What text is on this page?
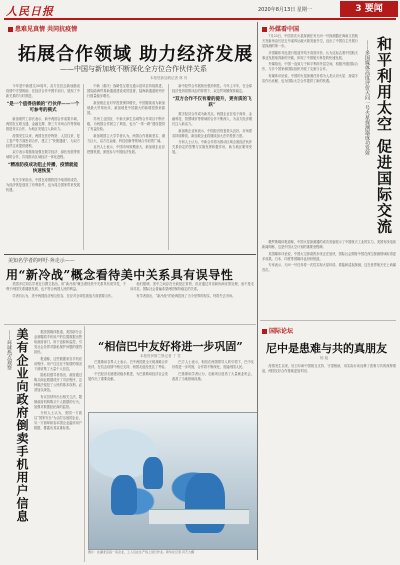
人民日报	2020年8月13日 星期一	3 要闻
患难见真情 共同抗疫情
拓展合作领域 助力经济发展
——中国与新加坡不断深化全方位合作伙伴关系
本报驻新加坡记者 林 芮

今年是中新建交30周年，双方在抗击新冠肺炎疫情中守望相助，在经济合作中携手前行，展现了中新关系的与时俱进。

“是一个值得信赖的”行伙伴——一个可参考的模式

新加坡贸工部长表示，新中两国合作成果丰硕，两国在互联互通、金融支撑、第三方市场合作等领域推进务实合作，为地区发展注入新动力。

疫情发生以来，两国在医疗物资、人员往来、复工复产等方面密切合作，建立了“快捷通道”，为双方经贸往来提供便利。

双方表示将继续加强在数字经济、绿色发展等领域的合作，共同推动区域经济一体化进程。

“精准防疫成功阻止传播，疫情就能快速恢复”

有关专家指出，中国在疫情防控中取得的成效，为经济恢复创造了有利条件，也为周边国家带来发展机遇。

中新（重庆）战略性互联互通示范项目持续推进，国际陆海贸易新通道建设成效显著，陆海新通道班列开行数量稳步增长。

新加坡企业对华投资保持增长，中国继续成为新加坡最大贸易伙伴，新加坡是中国最大的新增投资来源国。

苏州工业园区、中新天津生态城等合作项目不断升级，为两国合作树立了典范，也为“一带一路”建设提供了有益经验。

新加坡国立大学学者认为，两国合作基础坚实、潜力巨大，双方在金融、科技创新等领域合作前景广阔。

业内人士表示，中国市场规模庞大，新加坡企业应把握机遇，深度参与中国经济发展。

新中经贸合作展现出强劲韧性。今年上半年，在全球经济受到疫情冲击的背景下，双边贸易额保持稳定。

“双方合作不仅有着的提升，更有质的飞跃”

数字经济合作成为新亮点。两国企业在电子商务、金融科技、智慧城市等领域的合作不断深入，为双方经济增长注入新活力。

新加坡企业家表示，中国经济恢复势头良好，市场需求持续释放，新加坡企业将继续加大在华投资力度。

分析人士认为，中新合作将为推动区域全面经济伙伴关系协定的签署与实施发挥积极作用，助力地区繁荣发展。

外媒看中国
和平利用太空 促进国际交流
——多国媒体高度评价天问一号火星探测器成功发射

7月23日，中国首次火星探测任务天问一号探测器在海南文昌航天发射场由长征五号遥四运载火箭发射升空，迈出了中国自主开展行星探测的第一步。

多国媒体对此进行报道并给予高度评价，认为这标志着中国航天事业发展取得新的突破，体现了中国航天科技的快速发展。

外媒指出，中国一直致力于和平利用外层空间，积极开展国际合作，与多个国家和国际组织开展了交流与合作。

有媒体评论说，中国的火星探测任务将为人类认识火星、探索宇宙作出贡献，也为国际太空合作提供了新的机遇。

俄罗斯媒体报道称，中国火星探测器的成功发射展示了中国航天工业的实力。美国有线电视新闻网称，这是中国太空计划的重要里程碑。

英国媒体评论说，中国太空探索的步伐正在加快，国际社会期待中国在深空探测领域取得更多成果。日本、印度等国媒体也纷纷报道。

专家表示，天问一号任务将一次性实现火星环绕、着陆和巡视探测，这在世界航天史上尚属首次。

国际论坛
尼中是患难与共的真朋友
杨 旭

疫情发生以来，尼日尔和中国相互支持、守望相助，用实际行动诠释了患难与共的深厚情谊，两国友好合作基础更加牢固。

美知名学者的呼吁·奔走示——
用“新冷战”概念看待美中关系具有误导性

美国多位知名学者近日撰文指出，用“新冷战”概念看待美中关系具有误导性，不利于两国关系健康发展，也不符合两国人民的利益。

学者们认为，美中两国经济相互依存，在应对全球性挑战方面需要合作。

他们强调，美中之间存在分歧是正常的，但应通过对话和协商妥善处理，而不是走向对抗。国际社会普遍希望两国保持稳定的关系。

有学者指出，“新冷战”的论调忽视了当今世界的现实，终将失去市场。

——环球热点观察 美有企业向政府倒卖手机用户信息	据美国媒体报道，美国部分企业被曝将手机用户的位置数据出售给政府部门，用于追踪和监控，引发社会各界对隐私保护问题的强烈担忧。

报道称，这些数据来自手机应用程序，用户往往在不知情的情况下被收集了大量个人信息。

隐私权倡导者指出，政府通过购买商业数据绕开了司法程序，这种做法侵犯了公民的基本权利，必须加以规范。

有议员呼吁出台相关立法，限制政府机构购买个人数据的行为，加强对数据经纪商的监管。

分析人士认为，美国一方面以“国家安全”为由打压他国企业，另一方面却纵容本国企业滥用用户数据，暴露出其双重标准。

“相信巴中友好将进一步巩固”
本报驻伊斯兰堡记者 丁 雪

巴基斯坦各界人士表示，巴中两国是全天候战略合作伙伴，在抗击疫情中相互支持，两国友谊经受住了考验。

中巴经济走廊建设稳步推进，为巴基斯坦经济社会发展作出了重要贡献。

巴方人士表示，相信在两国领导人的引领下，巴中友好将进一步巩固，合作将不断深化，造福两国人民。

巴基斯坦学者认为，走廊项目创造了大量就业机会，改善了当地基础设施。

图片：在湖北宜昌一家企业，工人们在生产线上进行作业。新华社记者 肖艺九摄
